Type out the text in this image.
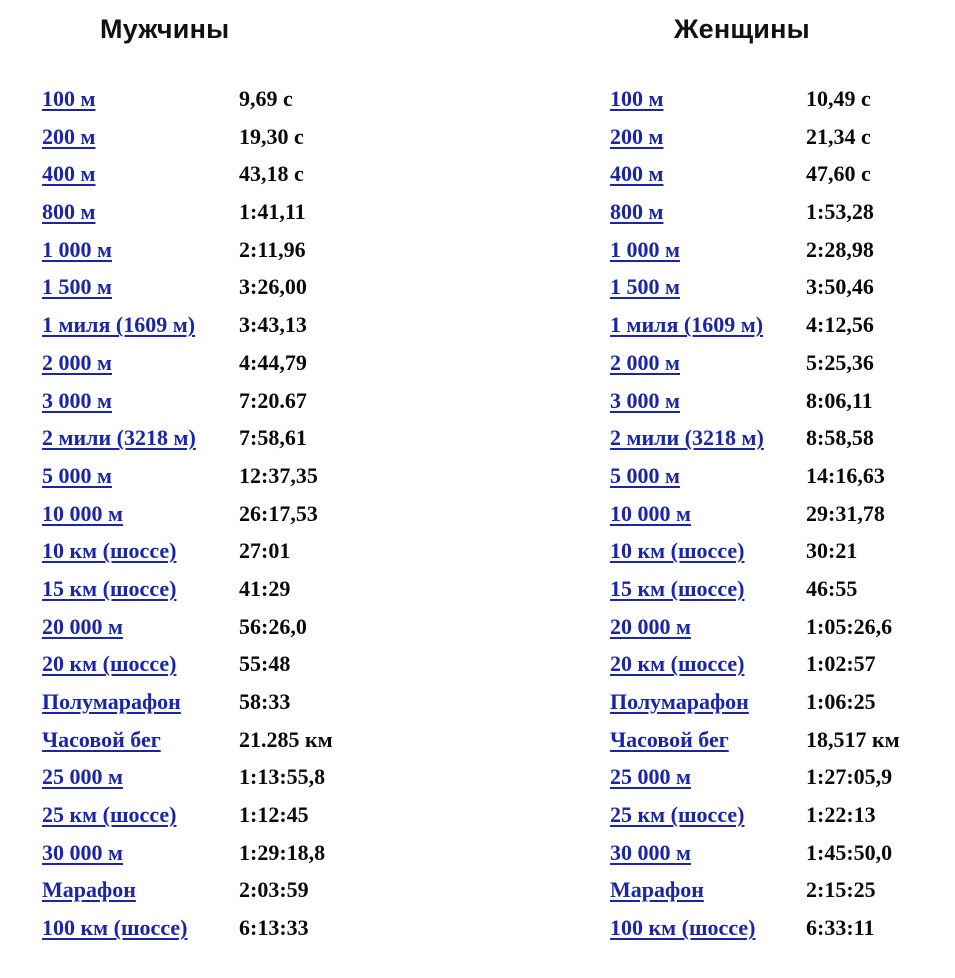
Мужчины	Женщины
100 м	9,69 с
200 м	19,30 с
400 м	43,18 с
800 м	1:41,11
1 000 м	2:11,96
1 500 м	3:26,00
1 миля (1609 м) 3:43,13
2 000 м	4:44,79
3 000 м	7:20.67
2 мили (3218 м) 7:58,61
5 000 м	12:37,35
10 000 м	26:17,53
10 км (шоссе)	27:01
15 км (шоссе)	41:29
20 000 м	56:26,0
20 км (шоссе)	55:48
Полумарафон	58:33
Часовой бег	21.285 км
25 000 м	1:13:55,8
25 км (шоссе)	1:12:45
30 000 м	1:29:18,8
Марафон	2:03:59
100 км (шоссе) 6:13:33
100 м	10,49 с
200 м	21,34 с
400 м	47,60 с
800 м	1:53,28
1 000 м	2:28,98
1 500 м	3:50,46
1 миля (1609 м) 4:12,56
2 000 м	5:25,36
3 000 м	8:06,11
2 мили (3218 м) 8:58,58
5 000 м	14:16,63
10 000 м	29:31,78
10 км (шоссе)	30:21
15 км (шоссе)	46:55
20 000 м	1:05:26,6
20 км (шоссе)	1:02:57
Полумарафон	1:06:25
Часовой бег	18,517 км
25 000 м	1:27:05,9
25 км (шоссе)	1:22:13
30 000 м	1:45:50,0
Марафон	2:15:25
100 км (шоссе) 6:33:11
